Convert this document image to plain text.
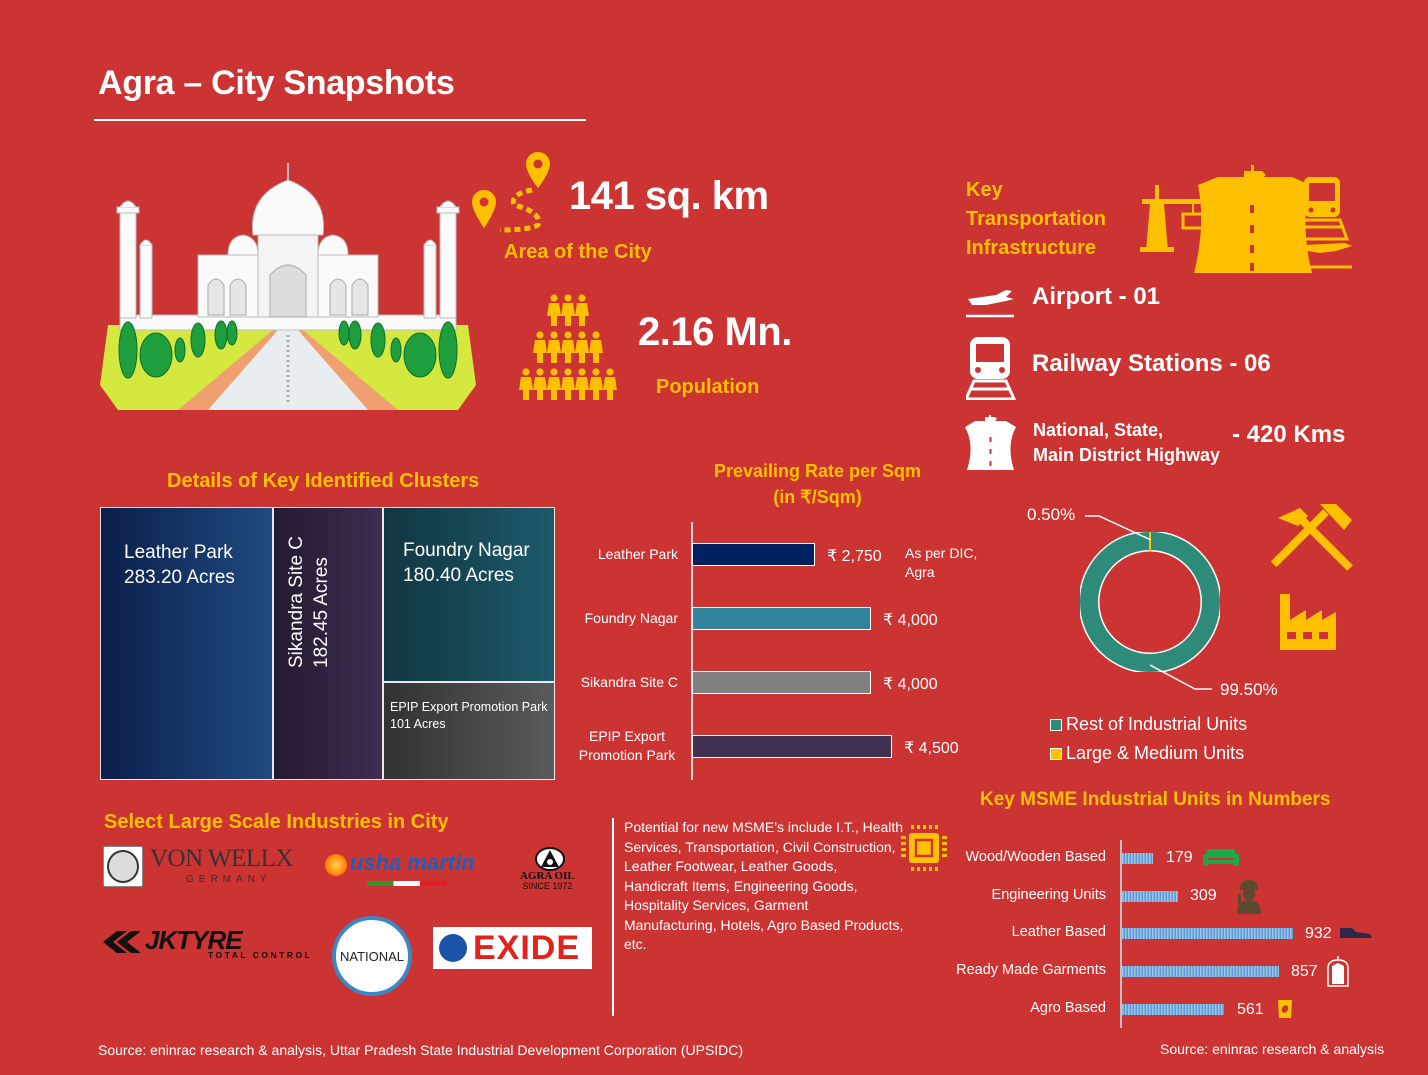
Agra – City Snapshots
141 sq. km
Area of the City
2.16 Mn.
Population
Key
Transportation
Infrastructure
Airport - 01
Railway Stations - 06
National, State,
Main District Highway
- 420 Kms
Details of Key Identified Clusters
Leather Park
283.20 Acres	Sikandra Site C 182.45 Acres
Foundry Nagar
180.40 Acres
EPIP Export Promotion Park
101 Acres
Prevailing Rate per Sqm
(in ₹/Sqm)
Leather Park	₹ 2,750 As per DIC,
Agra
Foundry Nagar	₹ 4,000
Sikandra Site C	₹ 4,000
EPIP Export
Promotion Park	₹ 4,500
0.50%
99.50%
Rest of Industrial Units
Large & Medium Units
Select Large Scale Industries in City
VON WELLX
GERMANY
usha martin
AGRA OIL
SINCE 1972
JKTYRE
TOTAL CONTROL	NATIONAL EXIDE
Potential for new MSME’s include I.T., Health Services, Transportation, Civil Construction, Leather Footwear, Leather Goods, Handicraft Items, Engineering Goods, Hospitality Services, Garment Manufacturing, Hotels, Agro Based Products, etc.
Key MSME Industrial Units in Numbers
Wood/Wooden Based	179
Engineering Units	309
Leather Based	932
Ready Made Garments	857
Agro Based	561
Source: eninrac research & analysis, Uttar Pradesh State Industrial Development Corporation (UPSIDC)	Source: eninrac research & analysis
